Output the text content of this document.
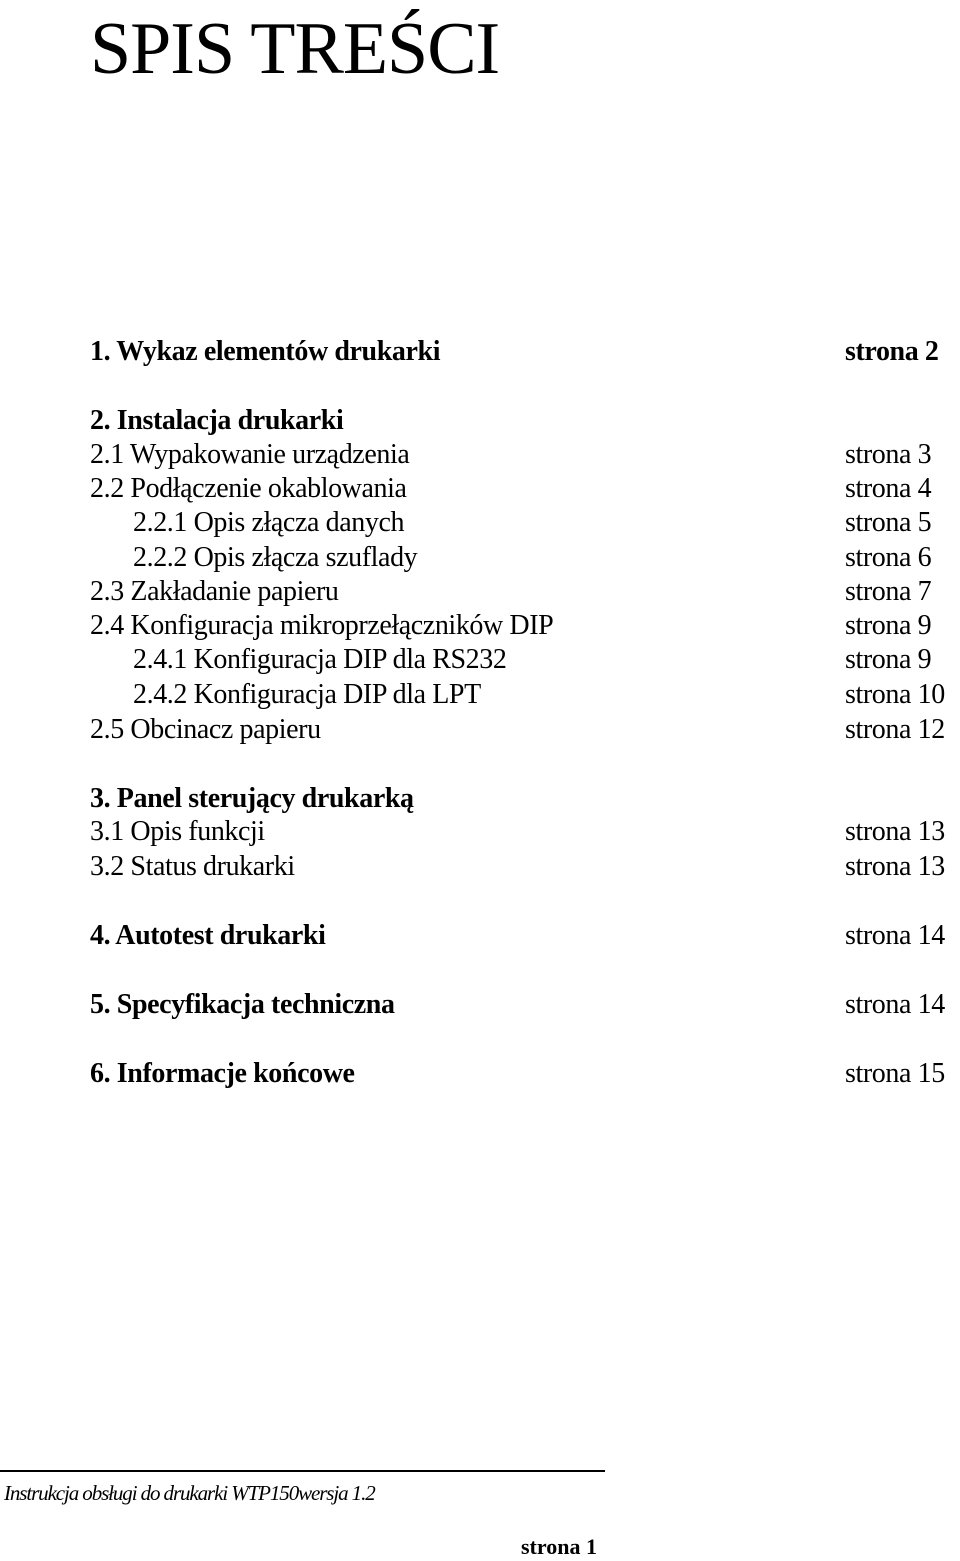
SPIS TREŚCI
1. Wykaz elementów drukarki	strona 2
2. Instalacja drukarki
2.1 Wypakowanie urządzenia	strona 3
2.2 Podłączenie okablowania	strona 4
2.2.1 Opis złącza danych	strona 5
2.2.2 Opis złącza szuflady	strona 6
2.3 Zakładanie papieru	strona 7
2.4 Konfiguracja mikroprzełączników DIP	strona 9
2.4.1 Konfiguracja DIP dla RS232	strona 9
2.4.2 Konfiguracja DIP dla LPT	strona 10
2.5 Obcinacz papieru	strona 12
3. Panel sterujący drukarką
3.1 Opis funkcji	strona 13
3.2 Status drukarki	strona 13
4. Autotest drukarki	strona 14
5. Specyfikacja techniczna	strona 14
6. Informacje końcowe	strona 15
Instrukcja obsługi do drukarki WTP150wersja 1.2
strona 1
